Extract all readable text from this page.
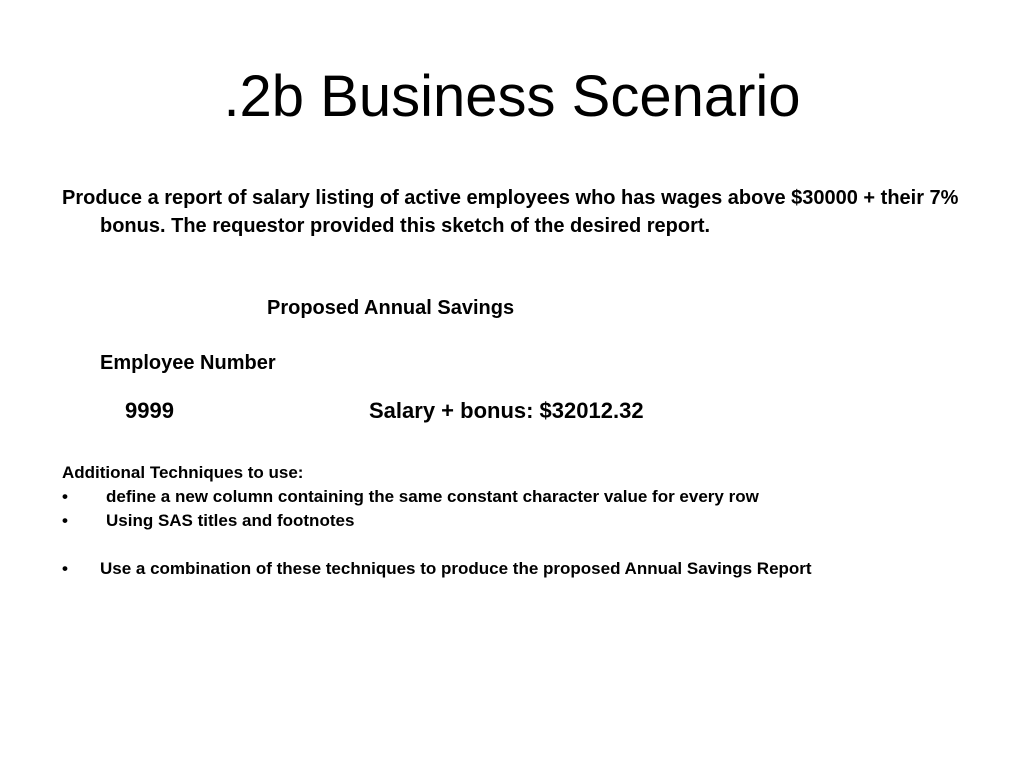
.2b Business Scenario

Produce a report of salary listing of active employees who has wages above $30000 + their 7% bonus. The requestor provided this sketch of the desired report.

Proposed Annual Savings
Employee Number
9999	Salary + bonus: $32012.32
Additional Techniques to use:
• define a new column containing the same constant character value for every row
• Using SAS titles and footnotes
• Use a combination of these techniques to produce the proposed Annual Savings Report
